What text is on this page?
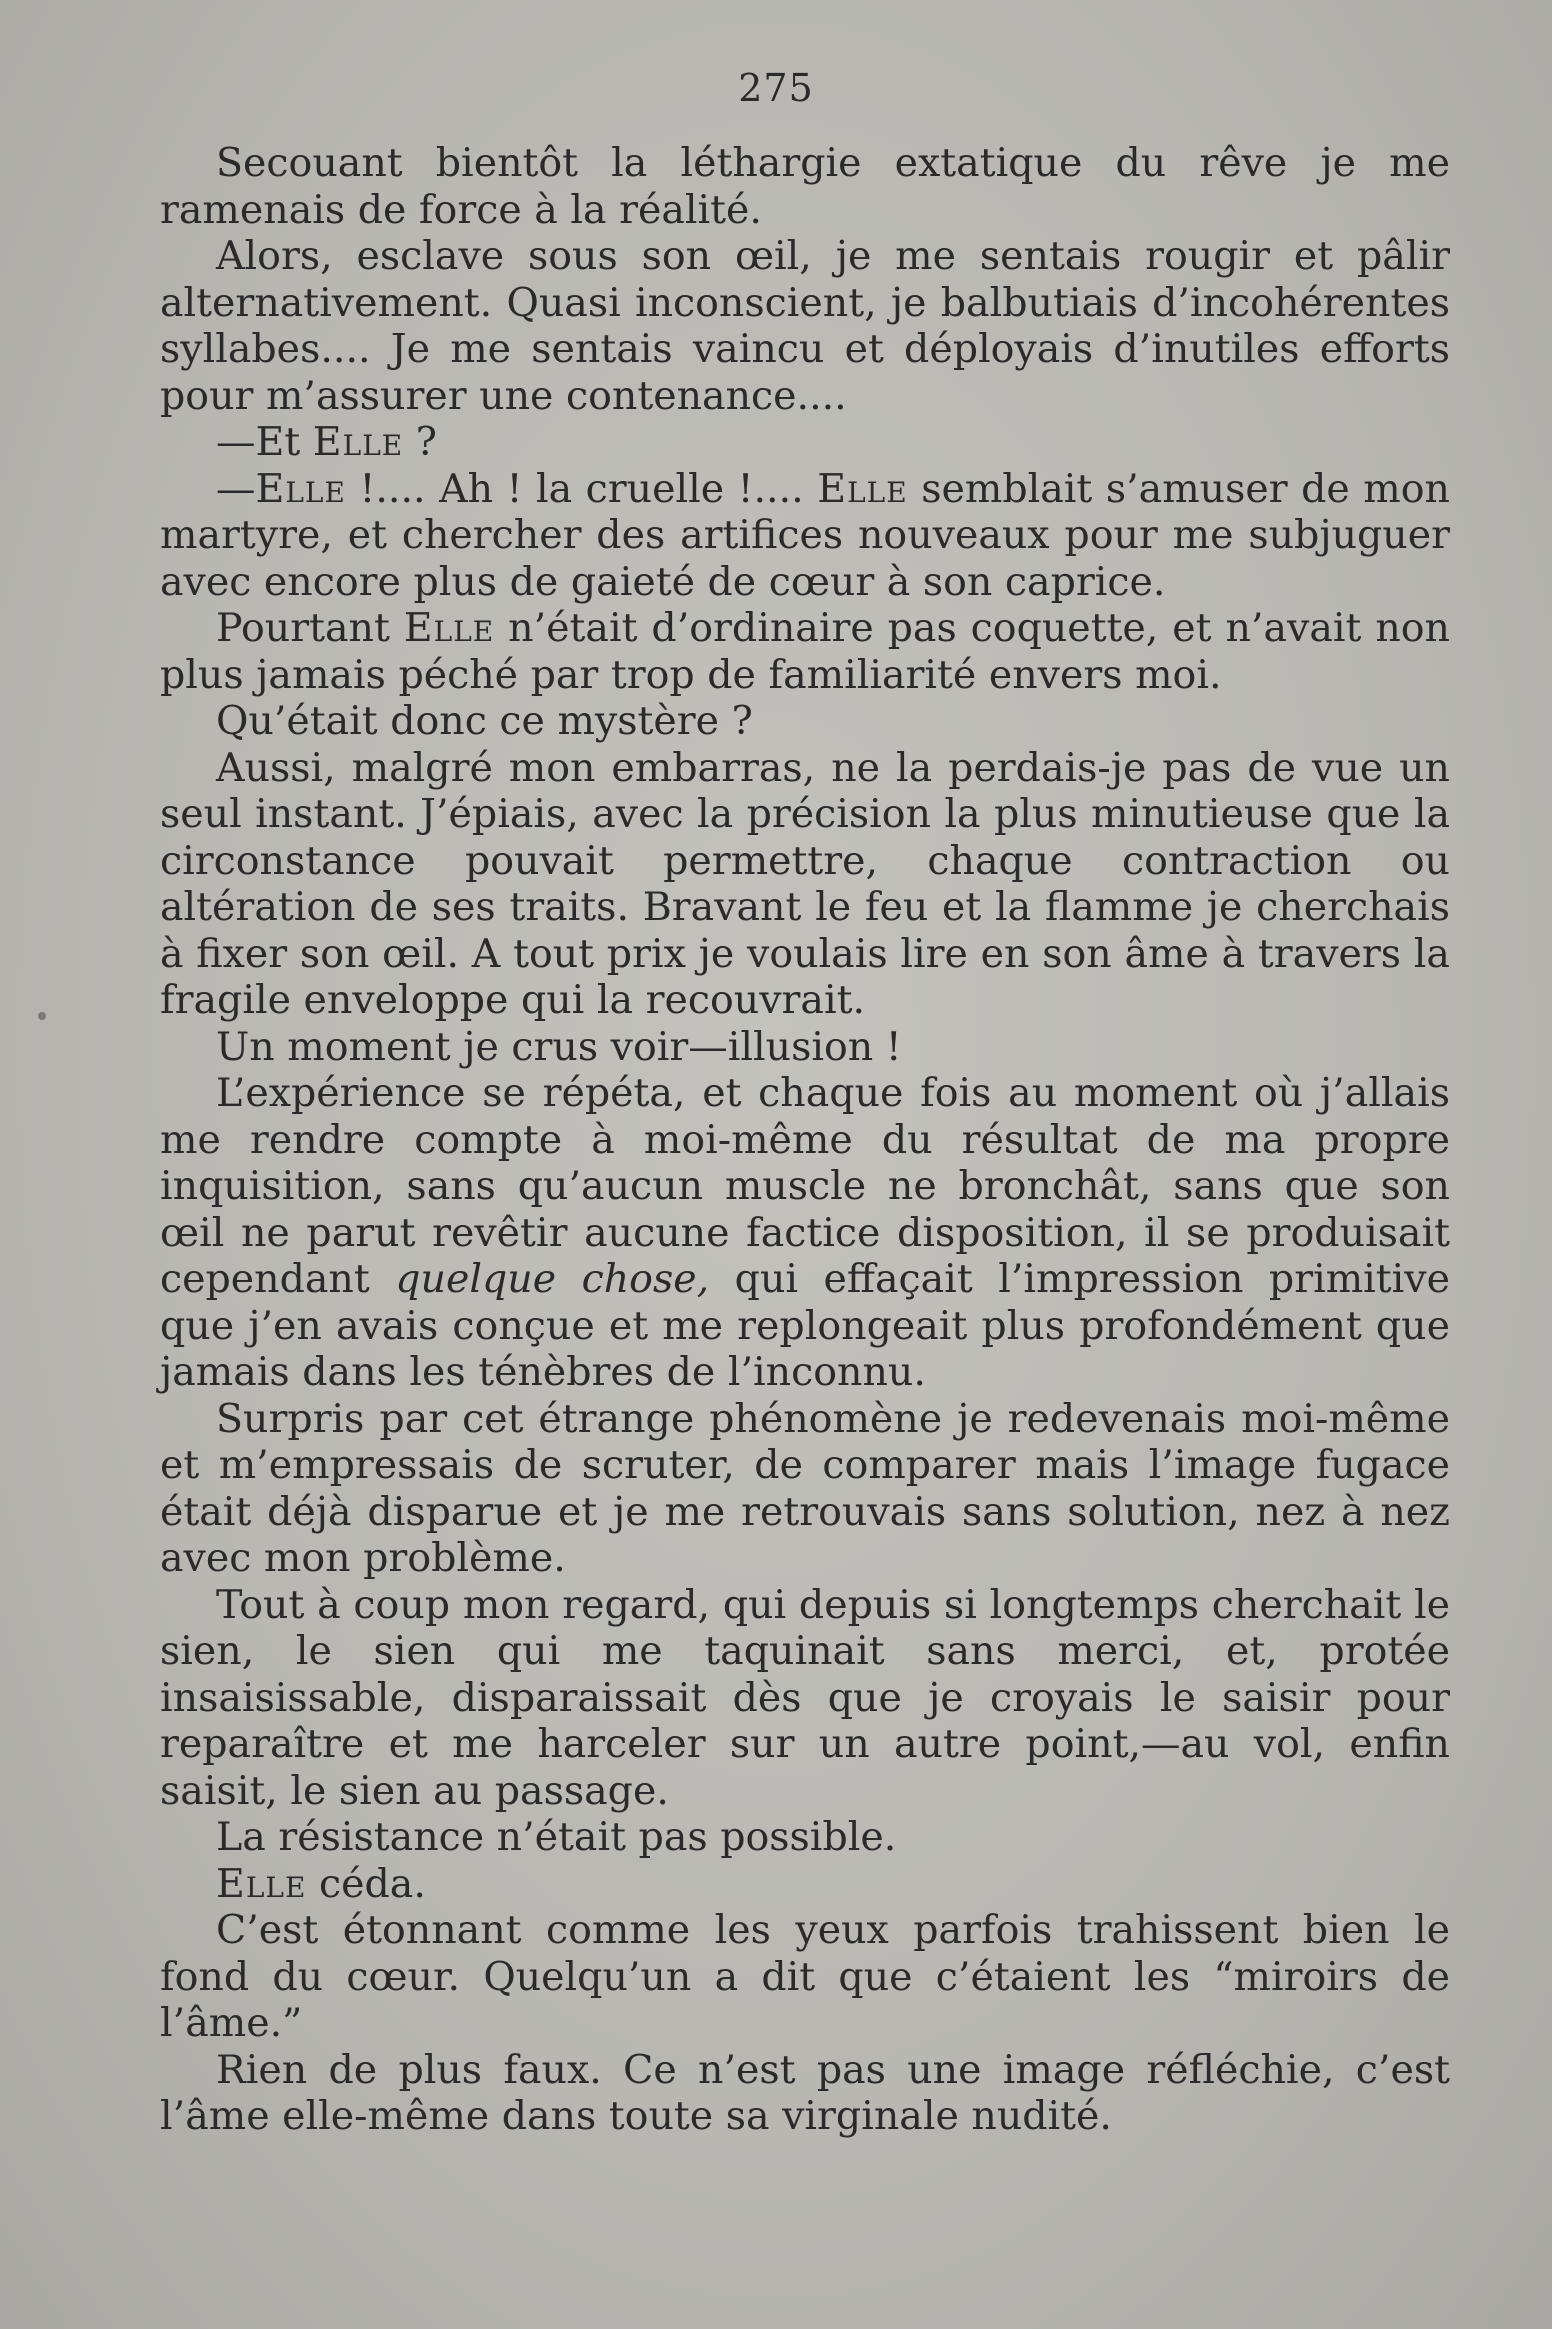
275

Secouant bientôt la léthargie extatique du rêve je me ramenais de force à la réalité.

Alors, esclave sous son œil, je me sentais rougir et pâlir alternativement. Quasi inconscient, je balbutiais d’incohérentes syllabes.... Je me sentais vaincu et déployais d’inutiles efforts pour m’assurer une contenance....

—Et Elle ?

—Elle !.... Ah ! la cruelle !.... Elle semblait s’amuser de mon martyre, et chercher des artifices nouveaux pour me subjuguer avec encore plus de gaieté de cœur à son caprice.

Pourtant Elle n’était d’ordinaire pas coquette, et n’avait non plus jamais péché par trop de familiarité envers moi.

Qu’était donc ce mystère ?

Aussi, malgré mon embarras, ne la perdais-je pas de vue un seul instant. J’épiais, avec la précision la plus minutieuse que la circonstance pouvait permettre, chaque contraction ou altération de ses traits. Bravant le feu et la flamme je cherchais à fixer son œil. A tout prix je voulais lire en son âme à travers la fragile enveloppe qui la recouvrait.

Un moment je crus voir—illusion !

L’expérience se répéta, et chaque fois au moment où j’allais me rendre compte à moi-même du résultat de ma propre inquisition, sans qu’aucun muscle ne bronchât, sans que son œil ne parut revêtir aucune factice disposition, il se produisait cependant quelque chose, qui effaçait l’impression primitive que j’en avais conçue et me replongeait plus profondément que jamais dans les ténèbres de l’inconnu.

Surpris par cet étrange phénomène je redevenais moi-même et m’empressais de scruter, de comparer mais l’image fugace était déjà disparue et je me retrouvais sans solution, nez à nez avec mon problème.

Tout à coup mon regard, qui depuis si longtemps cherchait le sien, le sien qui me taquinait sans merci, et, protée insaisissable, disparaissait dès que je croyais le saisir pour reparaître et me harceler sur un autre point,—au vol, enfin saisit, le sien au passage.

La résistance n’était pas possible.

Elle céda.

C’est étonnant comme les yeux parfois trahissent bien le fond du cœur. Quelqu’un a dit que c’étaient les “miroirs de l’âme.”

Rien de plus faux. Ce n’est pas une image réfléchie, c’est l’âme elle-même dans toute sa virginale nudité.
